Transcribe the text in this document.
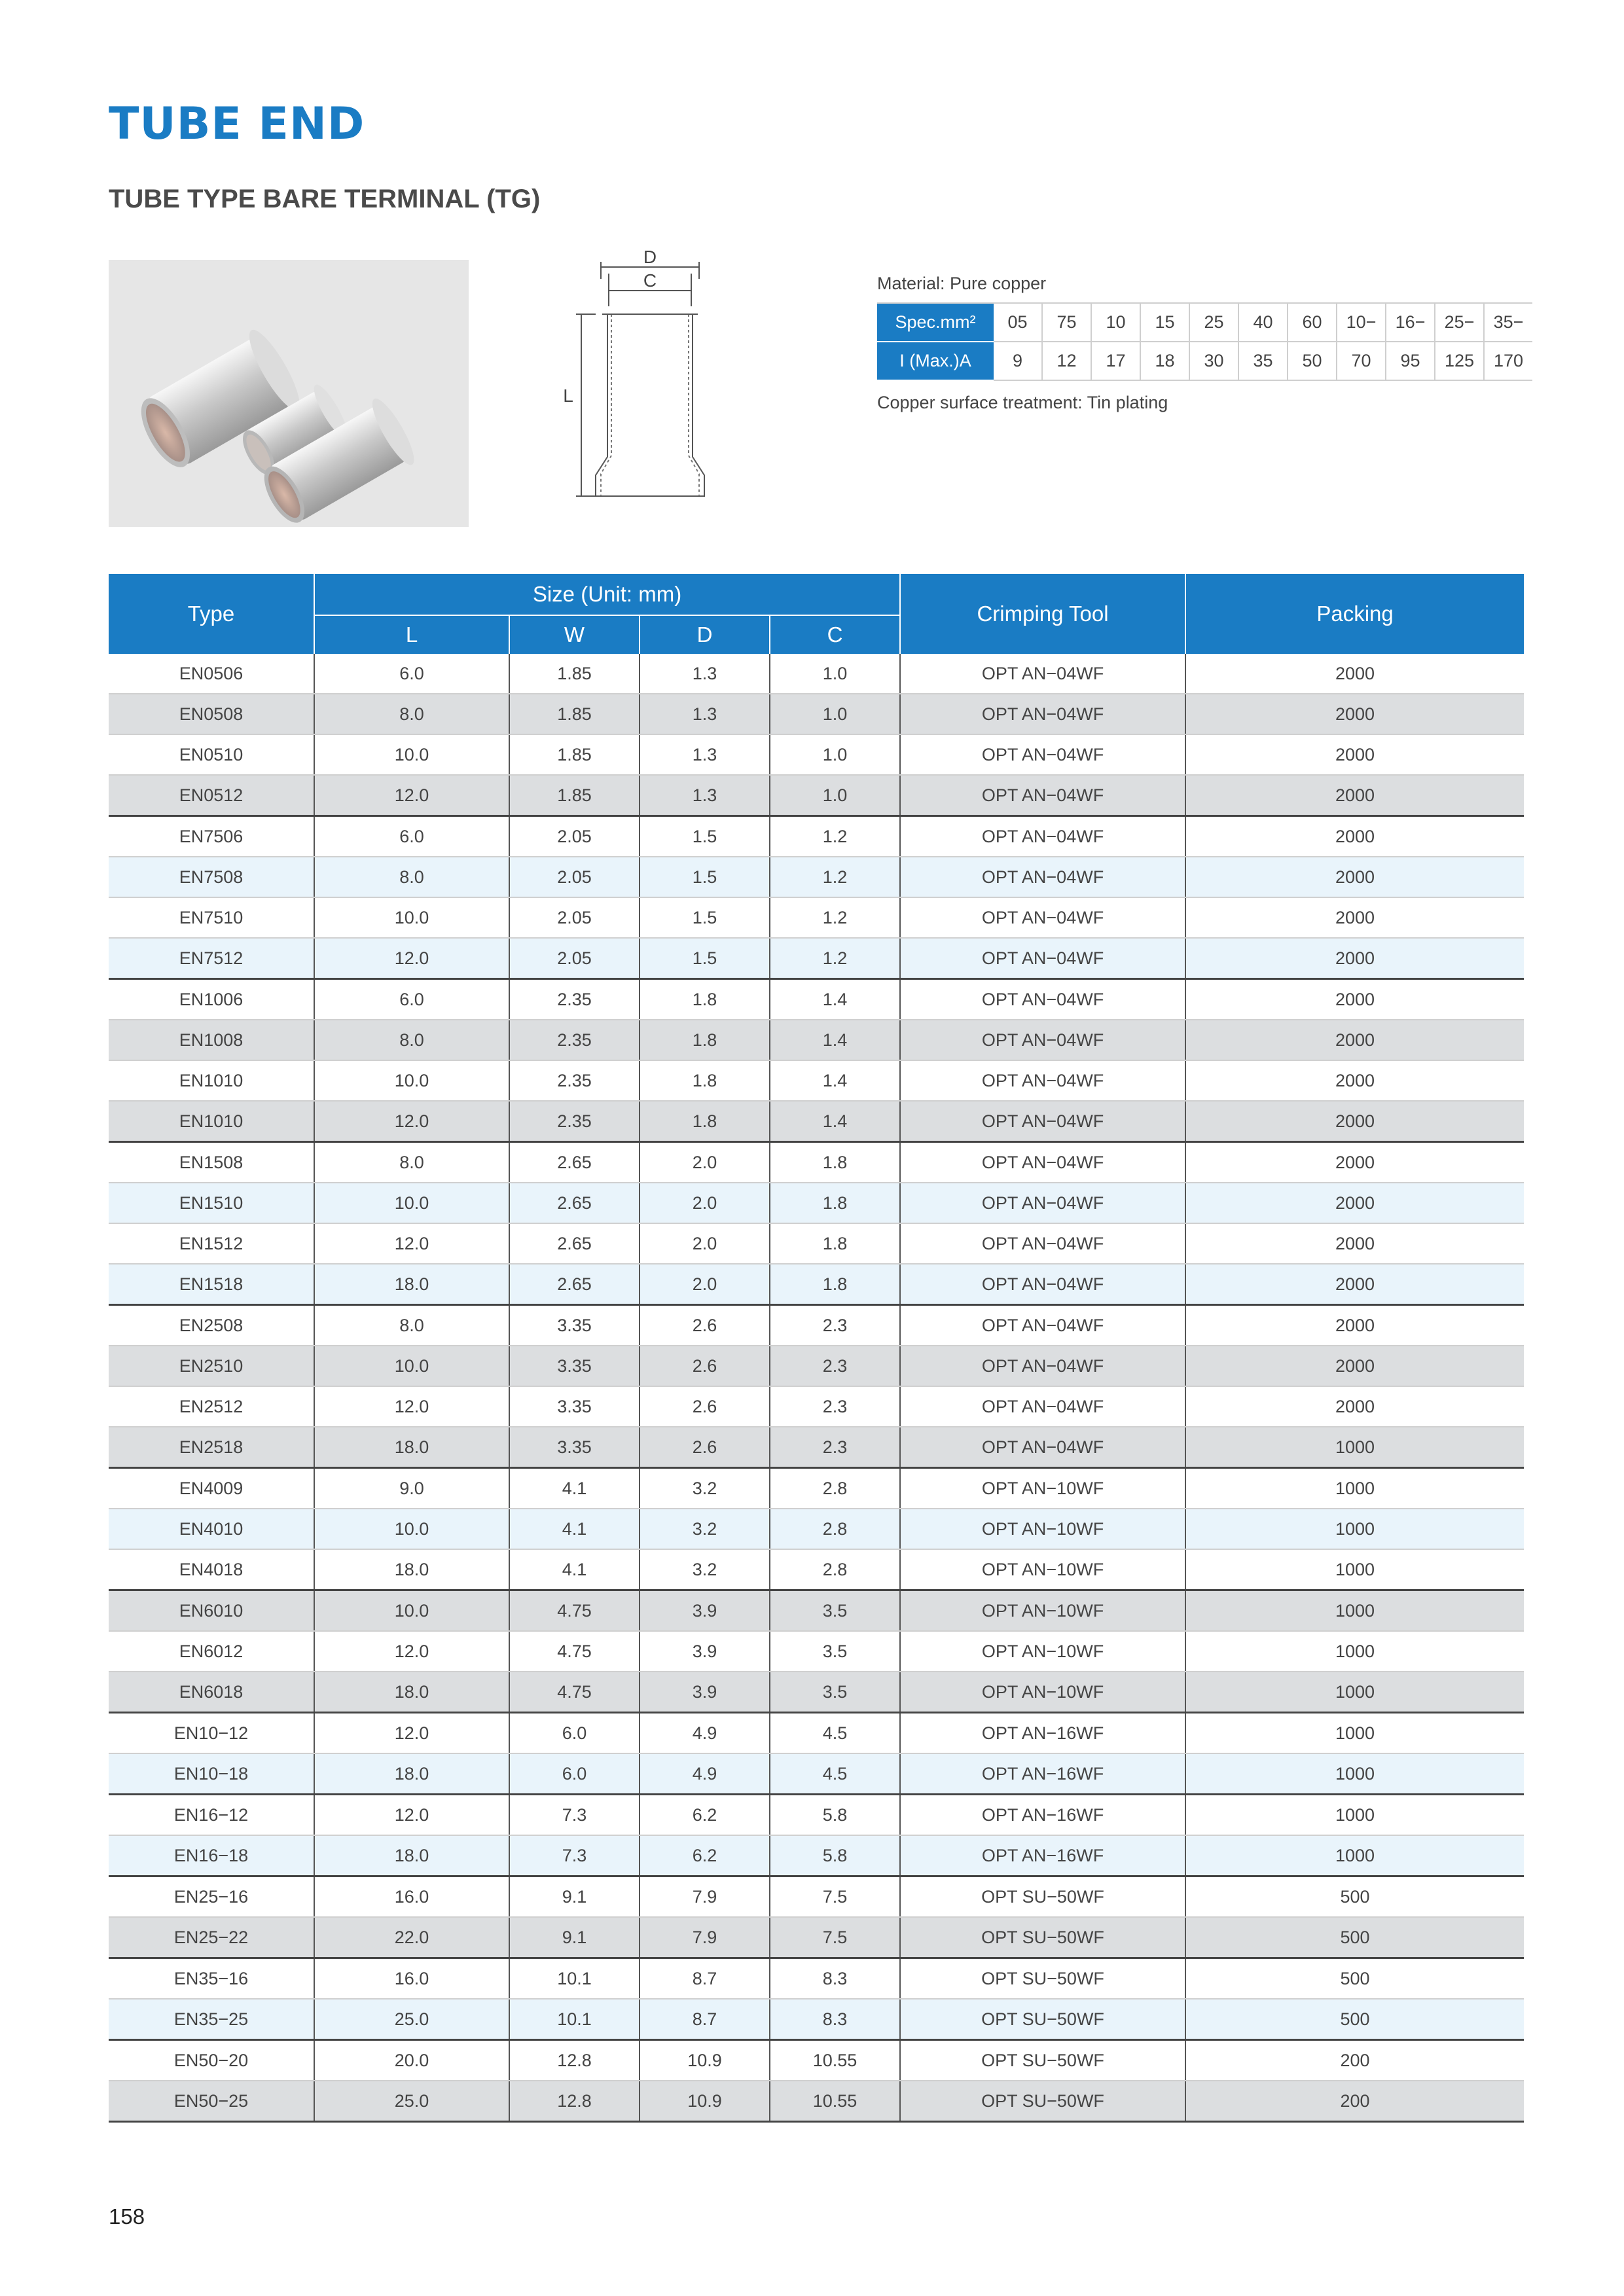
TUBE END
TUBE TYPE BARE TERMINAL (TG)
D
C
L
Material: Pure copper
Spec.mm²	05	75	10	15	25	40	60	10−	16−	25−	35−
I (Max.)A	9	12	17	18	30	35	50	70	95	125	170
Copper surface treatment: Tin plating
Type	Size (Unit: mm)				Crimping Tool	Packing
	L	W	D	C		
EN0506	6.0	1.85	1.3	1.0	OPT AN−04WF	2000
EN0508	8.0	1.85	1.3	1.0	OPT AN−04WF	2000
EN0510	10.0	1.85	1.3	1.0	OPT AN−04WF	2000
EN0512	12.0	1.85	1.3	1.0	OPT AN−04WF	2000
EN7506	6.0	2.05	1.5	1.2	OPT AN−04WF	2000
EN7508	8.0	2.05	1.5	1.2	OPT AN−04WF	2000
EN7510	10.0	2.05	1.5	1.2	OPT AN−04WF	2000
EN7512	12.0	2.05	1.5	1.2	OPT AN−04WF	2000
EN1006	6.0	2.35	1.8	1.4	OPT AN−04WF	2000
EN1008	8.0	2.35	1.8	1.4	OPT AN−04WF	2000
EN1010	10.0	2.35	1.8	1.4	OPT AN−04WF	2000
EN1010	12.0	2.35	1.8	1.4	OPT AN−04WF	2000
EN1508	8.0	2.65	2.0	1.8	OPT AN−04WF	2000
EN1510	10.0	2.65	2.0	1.8	OPT AN−04WF	2000
EN1512	12.0	2.65	2.0	1.8	OPT AN−04WF	2000
EN1518	18.0	2.65	2.0	1.8	OPT AN−04WF	2000
EN2508	8.0	3.35	2.6	2.3	OPT AN−04WF	2000
EN2510	10.0	3.35	2.6	2.3	OPT AN−04WF	2000
EN2512	12.0	3.35	2.6	2.3	OPT AN−04WF	2000
EN2518	18.0	3.35	2.6	2.3	OPT AN−04WF	1000
EN4009	9.0	4.1	3.2	2.8	OPT AN−10WF	1000
EN4010	10.0	4.1	3.2	2.8	OPT AN−10WF	1000
EN4018	18.0	4.1	3.2	2.8	OPT AN−10WF	1000
EN6010	10.0	4.75	3.9	3.5	OPT AN−10WF	1000
EN6012	12.0	4.75	3.9	3.5	OPT AN−10WF	1000
EN6018	18.0	4.75	3.9	3.5	OPT AN−10WF	1000
EN10−12	12.0	6.0	4.9	4.5	OPT AN−16WF	1000
EN10−18	18.0	6.0	4.9	4.5	OPT AN−16WF	1000
EN16−12	12.0	7.3	6.2	5.8	OPT AN−16WF	1000
EN16−18	18.0	7.3	6.2	5.8	OPT AN−16WF	1000
EN25−16	16.0	9.1	7.9	7.5	OPT SU−50WF	500
EN25−22	22.0	9.1	7.9	7.5	OPT SU−50WF	500
EN35−16	16.0	10.1	8.7	8.3	OPT SU−50WF	500
EN35−25	25.0	10.1	8.7	8.3	OPT SU−50WF	500
EN50−20	20.0	12.8	10.9	10.55	OPT SU−50WF	200
EN50−25	25.0	12.8	10.9	10.55	OPT SU−50WF	200
158
